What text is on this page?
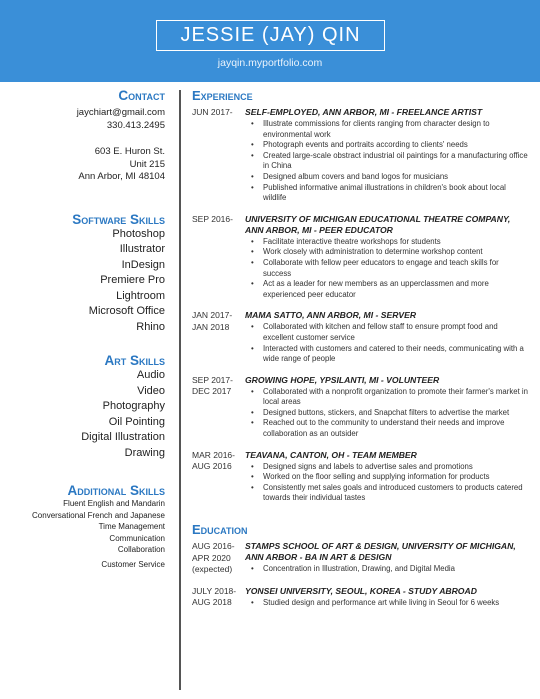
JESSIE (JAY) QIN
jayqin.myportfolio.com
Contact
jaychiart@gmail.com
330.413.2495
603 E. Huron St.
Unit 215
Ann Arbor, MI 48104
Software Skills
Photoshop
Illustrator
InDesign
Premiere Pro
Lightroom
Microsoft Office
Rhino
Art Skills
Audio
Video
Photography
Oil Pointing
Digital Illustration
Drawing
Additional Skills
Fluent English and Mandarin
Conversational French and Japanese
Time Management
Communication
Collaboration
Customer Service
Experience
JUN 2017-	SELF-EMPLOYED, ANN ARBOR, MI - FREELANCE ARTIST
• Illustrate commissions for clients ranging from character design to environmental work
• Photograph events and portraits according to clients' needs
• Created large-scale obstract industrial oil paintings for a manufacturing office in China
• Designed album covers and band logos for musicians
• Published informative animal illustrations in children's book about local wildlife
SEP 2016-	UNIVERSITY OF MICHIGAN EDUCATIONAL THEATRE COMPANY, ANN ARBOR, MI - PEER EDUCATOR
• Facilitate interactive theatre workshops for students
• Work closely with administration to determine workshop content
• Collaborate with fellow peer educators to engage and teach skills for success
• Act as a leader for new members as an upperclassmen and more experienced peer educator
JAN 2017-
JAN 2018
MAMA SATTO, ANN ARBOR, MI - SERVER
• Collaborated with kitchen and fellow staff to ensure prompt food and excellent customer service
• Interacted with customers and catered to their needs, communicating with a wide range of people
SEP 2017-
DEC 2017
GROWING HOPE, YPSILANTI, MI - VOLUNTEER
• Collaborated with a nonprofit organization to promote their farmer's market in local areas
• Designed buttons, stickers, and Snapchat filters to advertise the market
• Reached out to the community to understand their needs and improve collaboration as an outsider
MAR 2016-
AUG 2016
TEAVANA, CANTON, OH - TEAM MEMBER
• Designed signs and labels to advertise sales and promotions
• Worked on the floor selling and supplying information for products
• Consistently met sales goals and introduced customers to products catered towards their individual tastes
Education
AUG 2016-
APR 2020
(expected)
STAMPS SCHOOL OF ART & DESIGN, UNIVERSITY OF MICHIGAN, ANN ARBOR - BA IN ART & DESIGN
• Concentration in Illustration, Drawing, and Digital Media
JULY 2018-
AUG 2018
YONSEI UNIVERSITY, SEOUL, KOREA - STUDY ABROAD
• Studied design and performance art while living in Seoul for 6 weeks
